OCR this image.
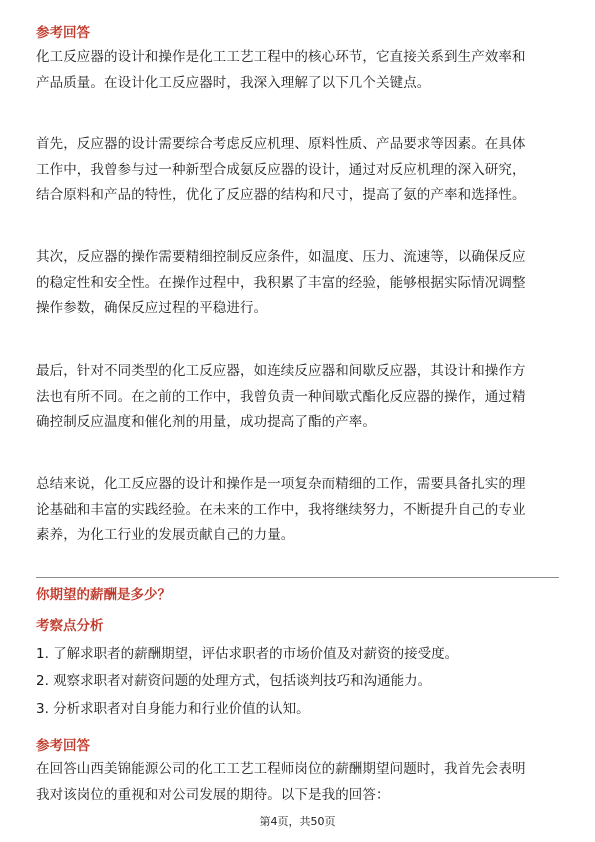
参考回答
化工反应器的设计和操作是化工工艺工程中的核心环节，它直接关系到生产效率和
产品质量。在设计化工反应器时，我深入理解了以下几个关键点。
首先，反应器的设计需要综合考虑反应机理、原料性质、产品要求等因素。在具体
工作中，我曾参与过一种新型合成氨反应器的设计，通过对反应机理的深入研究，
结合原料和产品的特性，优化了反应器的结构和尺寸，提高了氨的产率和选择性。
其次，反应器的操作需要精细控制反应条件，如温度、压力、流速等，以确保反应
的稳定性和安全性。在操作过程中，我积累了丰富的经验，能够根据实际情况调整
操作参数，确保反应过程的平稳进行。
最后，针对不同类型的化工反应器，如连续反应器和间歇反应器，其设计和操作方
法也有所不同。在之前的工作中，我曾负责一种间歇式酯化反应器的操作，通过精
确控制反应温度和催化剂的用量，成功提高了酯的产率。
总结来说，化工反应器的设计和操作是一项复杂而精细的工作，需要具备扎实的理
论基础和丰富的实践经验。在未来的工作中，我将继续努力，不断提升自己的专业
素养，为化工行业的发展贡献自己的力量。
你期望的薪酬是多少？
考察点分析
1. 了解求职者的薪酬期望，评估求职者的市场价值及对薪资的接受度。
2. 观察求职者对薪资问题的处理方式，包括谈判技巧和沟通能力。
3. 分析求职者对自身能力和行业价值的认知。
参考回答
在回答山西美锦能源公司的化工工艺工程师岗位的薪酬期望问题时，我首先会表明
我对该岗位的重视和对公司发展的期待。以下是我的回答：
第4页，共50页
